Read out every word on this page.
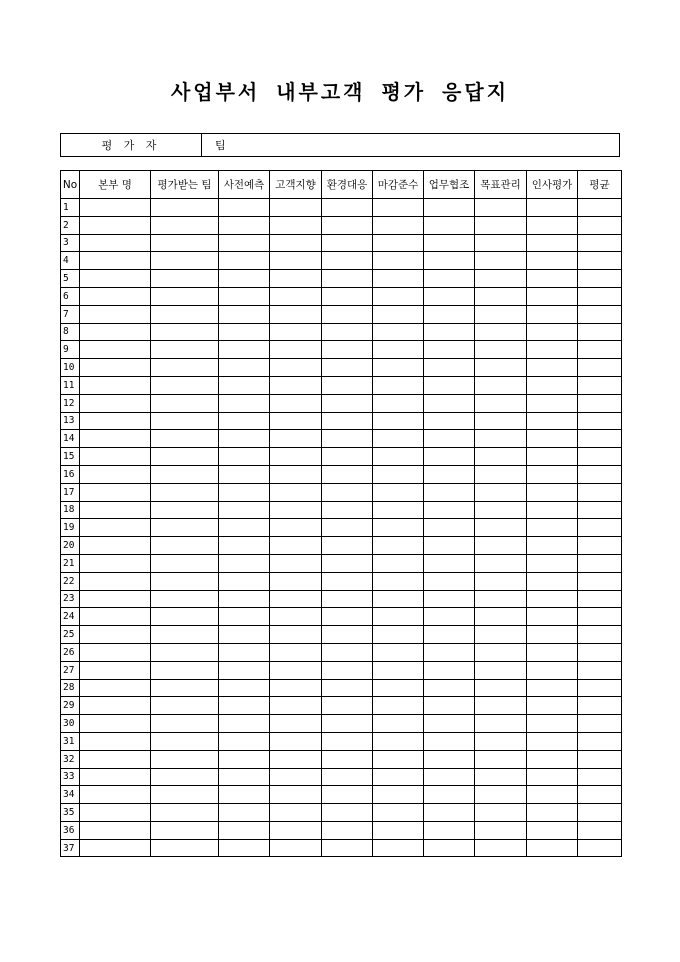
사업부서 내부고객 평가 응답지
평 가 자	팀
No	본부 명	평가받는 팀	사전예측	고객지향	환경대응	마감준수	업무협조	목표관리	인사평가	평균
1										
2										
3										
4										
5										
6										
7										
8										
9										
10										
11										
12										
13										
14										
15										
16										
17										
18										
19										
20										
21										
22										
23										
24										
25										
26										
27										
28										
29										
30										
31										
32										
33										
34										
35										
36										
37										
